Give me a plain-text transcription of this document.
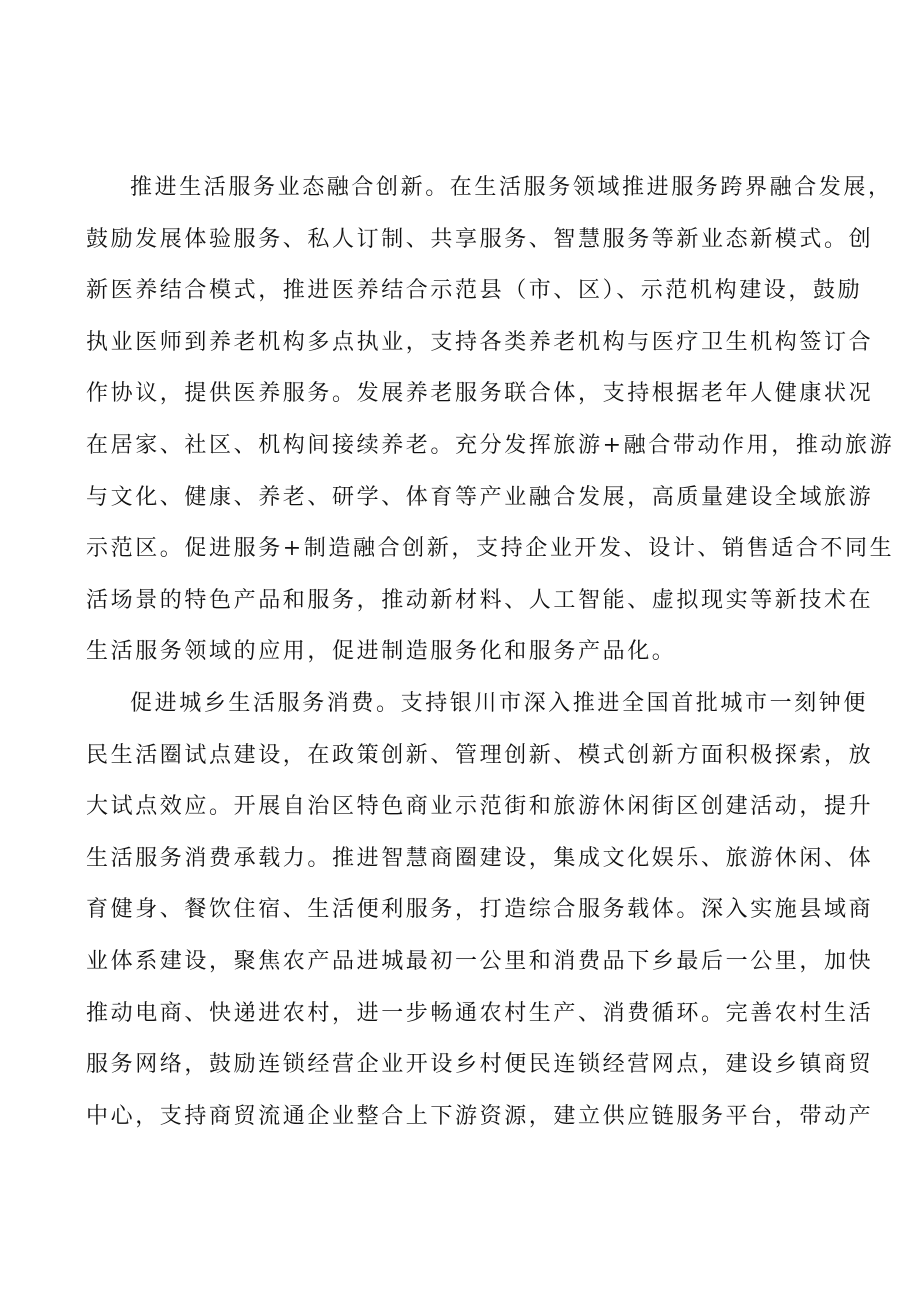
推进生活服务业态融合创新。在生活服务领域推进服务跨界融合发展，
鼓励发展体验服务、私人订制、共享服务、智慧服务等新业态新模式。创
新医养结合模式，推进医养结合示范县（市、区）、示范机构建设，鼓励
执业医师到养老机构多点执业，支持各类养老机构与医疗卫生机构签订合
作协议，提供医养服务。发展养老服务联合体，支持根据老年人健康状况
在居家、社区、机构间接续养老。充分发挥旅游+融合带动作用，推动旅游
与文化、健康、养老、研学、体育等产业融合发展，高质量建设全域旅游
示范区。促进服务+制造融合创新，支持企业开发、设计、销售适合不同生
活场景的特色产品和服务，推动新材料、人工智能、虚拟现实等新技术在
生活服务领域的应用，促进制造服务化和服务产品化。
促进城乡生活服务消费。支持银川市深入推进全国首批城市一刻钟便
民生活圈试点建设，在政策创新、管理创新、模式创新方面积极探索，放
大试点效应。开展自治区特色商业示范街和旅游休闲街区创建活动，提升
生活服务消费承载力。推进智慧商圈建设，集成文化娱乐、旅游休闲、体
育健身、餐饮住宿、生活便利服务，打造综合服务载体。深入实施县域商
业体系建设，聚焦农产品进城最初一公里和消费品下乡最后一公里，加快
推动电商、快递进农村，进一步畅通农村生产、消费循环。完善农村生活
服务网络，鼓励连锁经营企业开设乡村便民连锁经营网点，建设乡镇商贸
中心，支持商贸流通企业整合上下游资源，建立供应链服务平台，带动产
